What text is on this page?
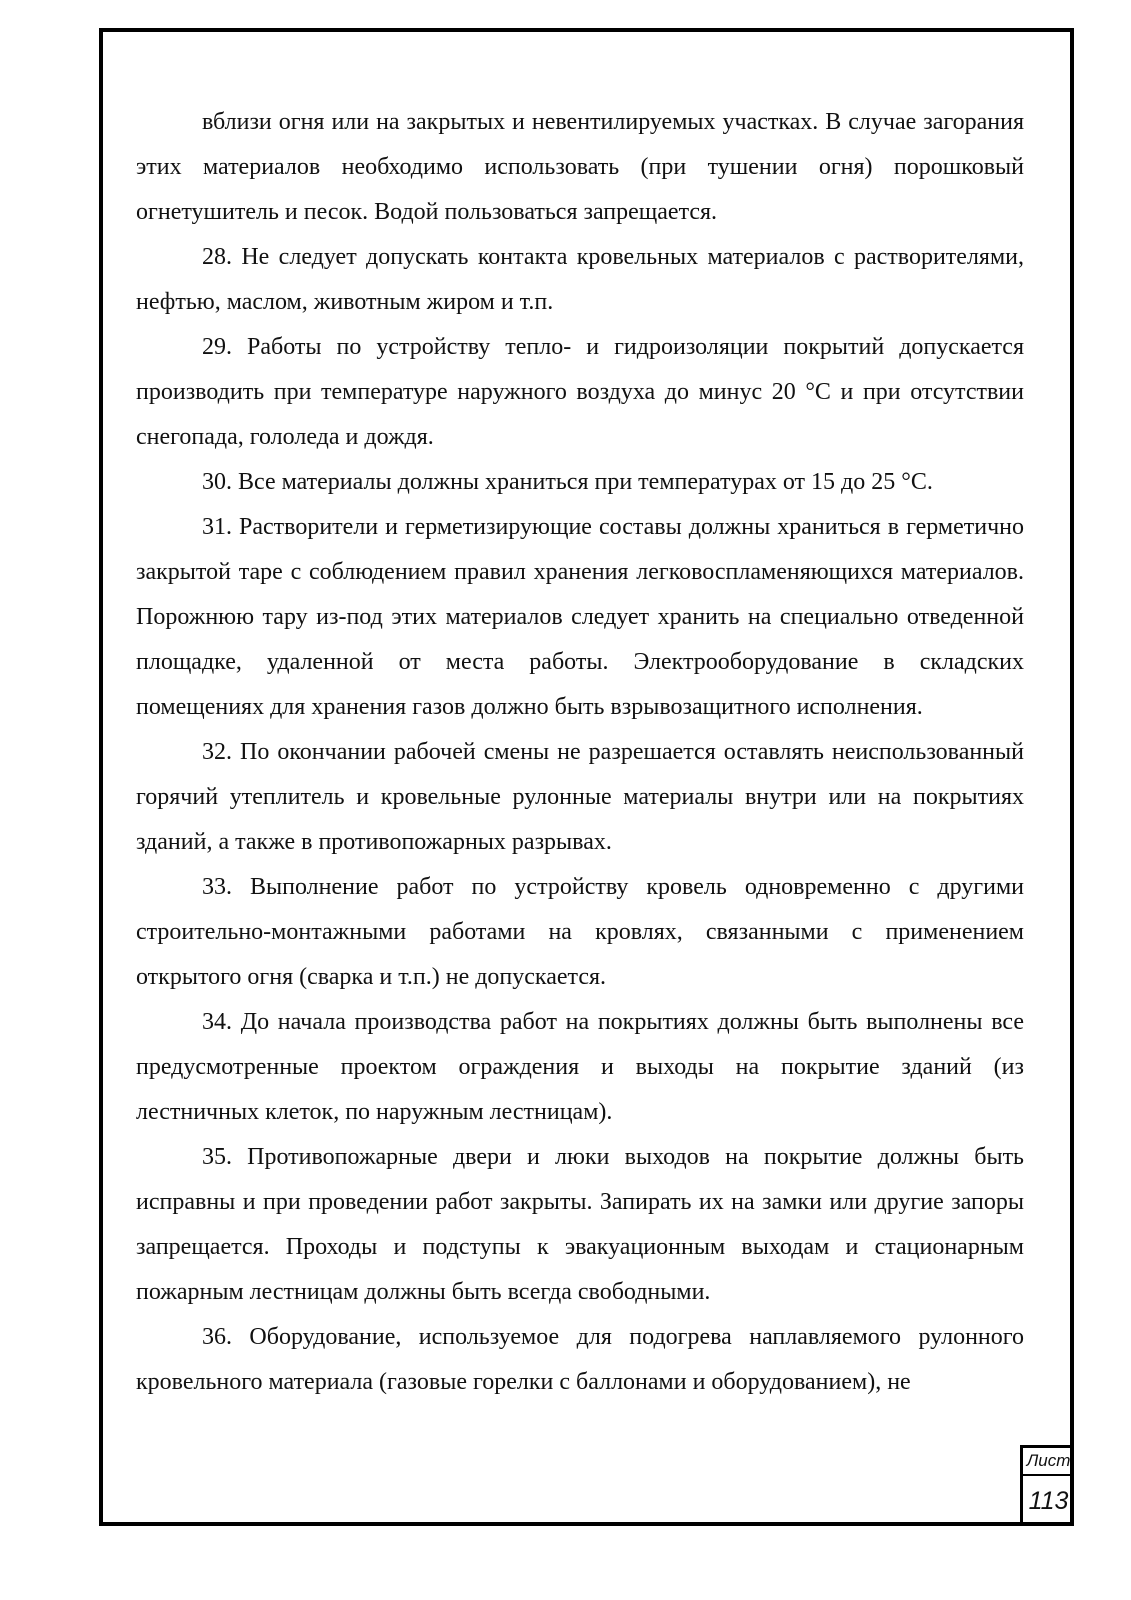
вблизи огня или на закрытых и невентилируемых участках. В случае загорания этих материалов необходимо использовать (при тушении огня) порошковый огнетушитель и песок. Водой пользоваться запрещается.

28. Не следует допускать контакта кровельных материалов с растворителями, нефтью, маслом, животным жиром и т.п.

29. Работы по устройству тепло- и гидроизоляции покрытий допускается производить при температуре наружного воздуха до минус 20 °С и при отсутствии снегопада, гололеда и дождя.

30. Все материалы должны храниться при температурах от 15 до 25 °С.

31. Растворители и герметизирующие составы должны храниться в герметично закрытой таре с соблюдением правил хранения легковоспламеняющихся материалов. Порожнюю тару из-под этих материалов следует хранить на специально отведенной площадке, удаленной от места работы. Электрооборудование в складских помещениях для хранения газов должно быть взрывозащитного исполнения.

32. По окончании рабочей смены не разрешается оставлять неиспользованный горячий утеплитель и кровельные рулонные материалы внутри или на покрытиях зданий, а также в противопожарных разрывах.

33. Выполнение работ по устройству кровель одновременно с другими строительно-монтажными работами на кровлях, связанными с применением открытого огня (сварка и т.п.) не допускается.

34. До начала производства работ на покрытиях должны быть выполнены все предусмотренные проектом ограждения и выходы на покрытие зданий (из лестничных клеток, по наружным лестницам).

35. Противопожарные двери и люки выходов на покрытие должны быть исправны и при проведении работ закрыты. Запирать их на замки или другие запоры запрещается. Проходы и подступы к эвакуационным выходам и стационарным пожарным лестницам должны быть всегда свободными.

36. Оборудование, используемое для подогрева наплавляемого рулонного кровельного материала (газовые горелки с баллонами и оборудованием), не

Лист
113
